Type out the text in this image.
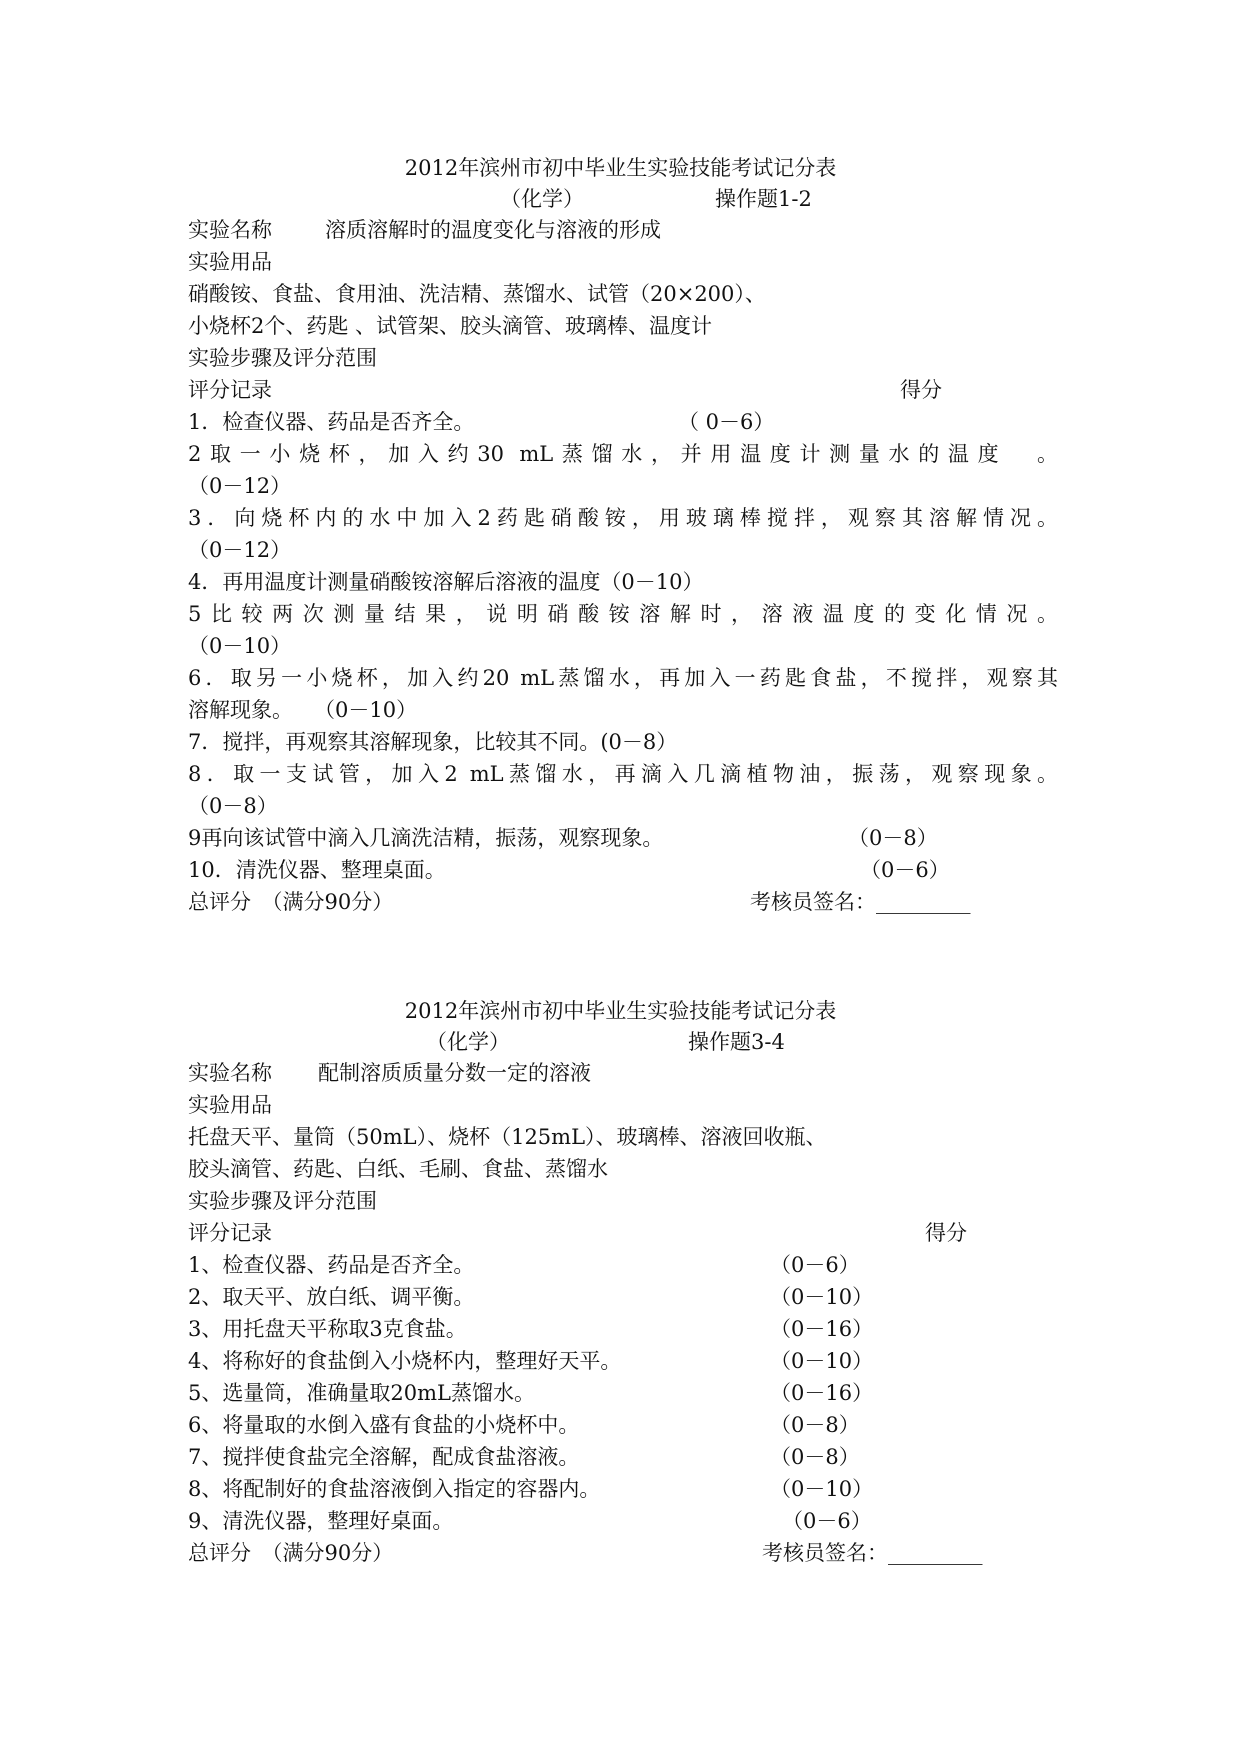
2012年滨州市初中毕业生实验技能考试记分表
（化学）	操作题1-2
实验名称	溶质溶解时的温度变化与溶液的形成
实验用品
硝酸铵、食盐、食用油、洗洁精、蒸馏水、试管（20×200）、
小烧杯2个、药匙 、试管架、胶头滴管、玻璃棒、温度计
实验步骤及评分范围
评分记录	得分
1．检查仪器、药品是否齐全。	（ 0－6）
2取一小烧杯，加入约30 mL蒸馏水，并用温度计测量水的温度　。
（0－12）
3．向烧杯内的水中加入2药匙硝酸铵，用玻璃棒搅拌，观察其溶解情况。
（0－12）
4．再用温度计测量硝酸铵溶解后溶液的温度（0－10）
5比较两次测量结果，说明硝酸铵溶解时，溶液温度的变化情况。
（0－10）
6．取另一小烧杯，加入约20 mL蒸馏水，再加入一药匙食盐，不搅拌，观察其
溶解现象。　　（0－10）
7．搅拌，再观察其溶解现象，比较其不同。(0－8）
8．取一支试管，加入2 mL蒸馏水，再滴入几滴植物油，振荡，观察现象。
（0－8）
9再向该试管中滴入几滴洗洁精，振荡，观察现象。	（0－8）
10．清洗仪器、整理桌面。	（0－6）
总评分　（满分90分）	考核员签名：_________
2012年滨州市初中毕业生实验技能考试记分表
（化学）	操作题3-4
实验名称 配制溶质质量分数一定的溶液
实验用品
托盘天平、量筒（50mL）、烧杯（125mL）、玻璃棒、溶液回收瓶、
胶头滴管、药匙、白纸、毛刷、食盐、蒸馏水
实验步骤及评分范围
评分记录	得分
1、检查仪器、药品是否齐全。	（0－6）
2、取天平、放白纸、调平衡。	（0－10）
3、用托盘天平称取3克食盐。	（0－16）
4、将称好的食盐倒入小烧杯内，整理好天平。	（0－10）
5、选量筒，准确量取20mL蒸馏水。	（0－16）
6、将量取的水倒入盛有食盐的小烧杯中。	（0－8）
7、搅拌使食盐完全溶解，配成食盐溶液。	（0－8）
8、将配制好的食盐溶液倒入指定的容器内。	（0－10）
9、清洗仪器，整理好桌面。	（0－6）
总评分　（满分90分）	考核员签名：_________
